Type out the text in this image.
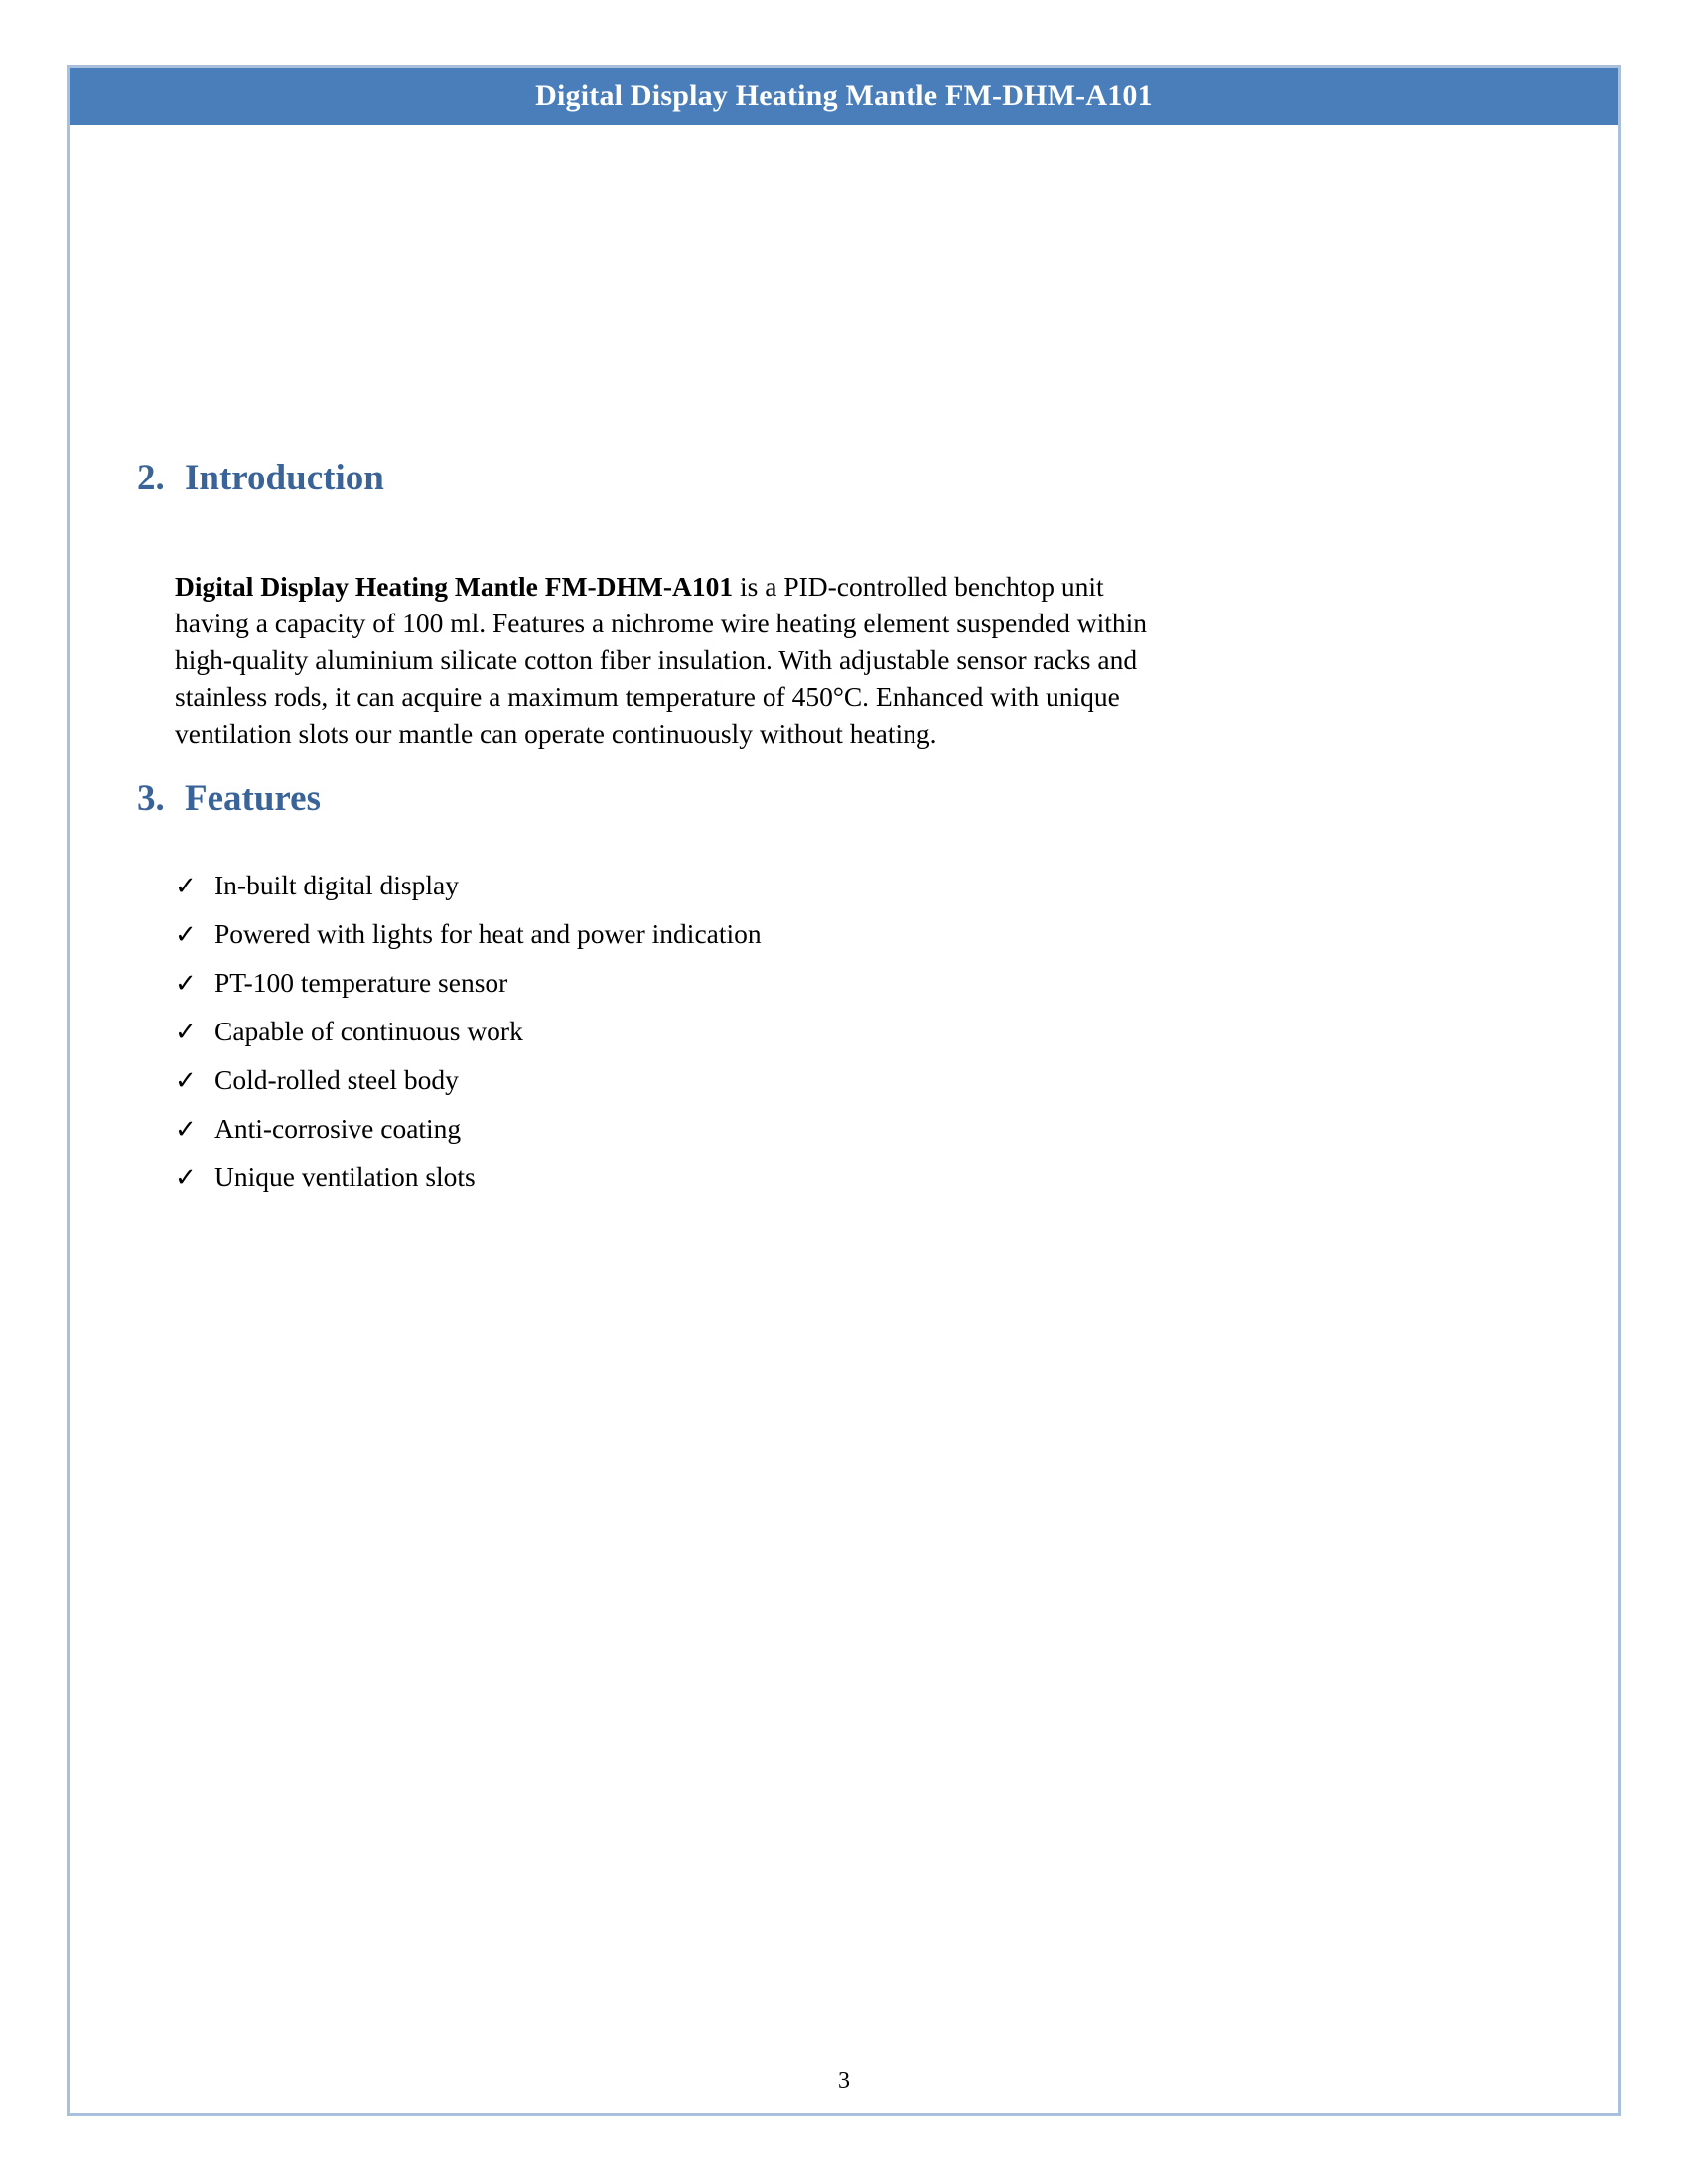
Digital Display Heating Mantle FM-DHM-A101
2. Introduction

Digital Display Heating Mantle FM-DHM-A101 is a PID-controlled benchtop unit having a capacity of 100 ml. Features a nichrome wire heating element suspended within high-quality aluminium silicate cotton fiber insulation. With adjustable sensor racks and stainless rods, it can acquire a maximum temperature of 450°C. Enhanced with unique ventilation slots our mantle can operate continuously without heating.

3. Features
✓ In-built digital display
✓ Powered with lights for heat and power indication
✓ PT-100 temperature sensor
✓ Capable of continuous work
✓ Cold-rolled steel body
✓ Anti-corrosive coating
✓ Unique ventilation slots
3
